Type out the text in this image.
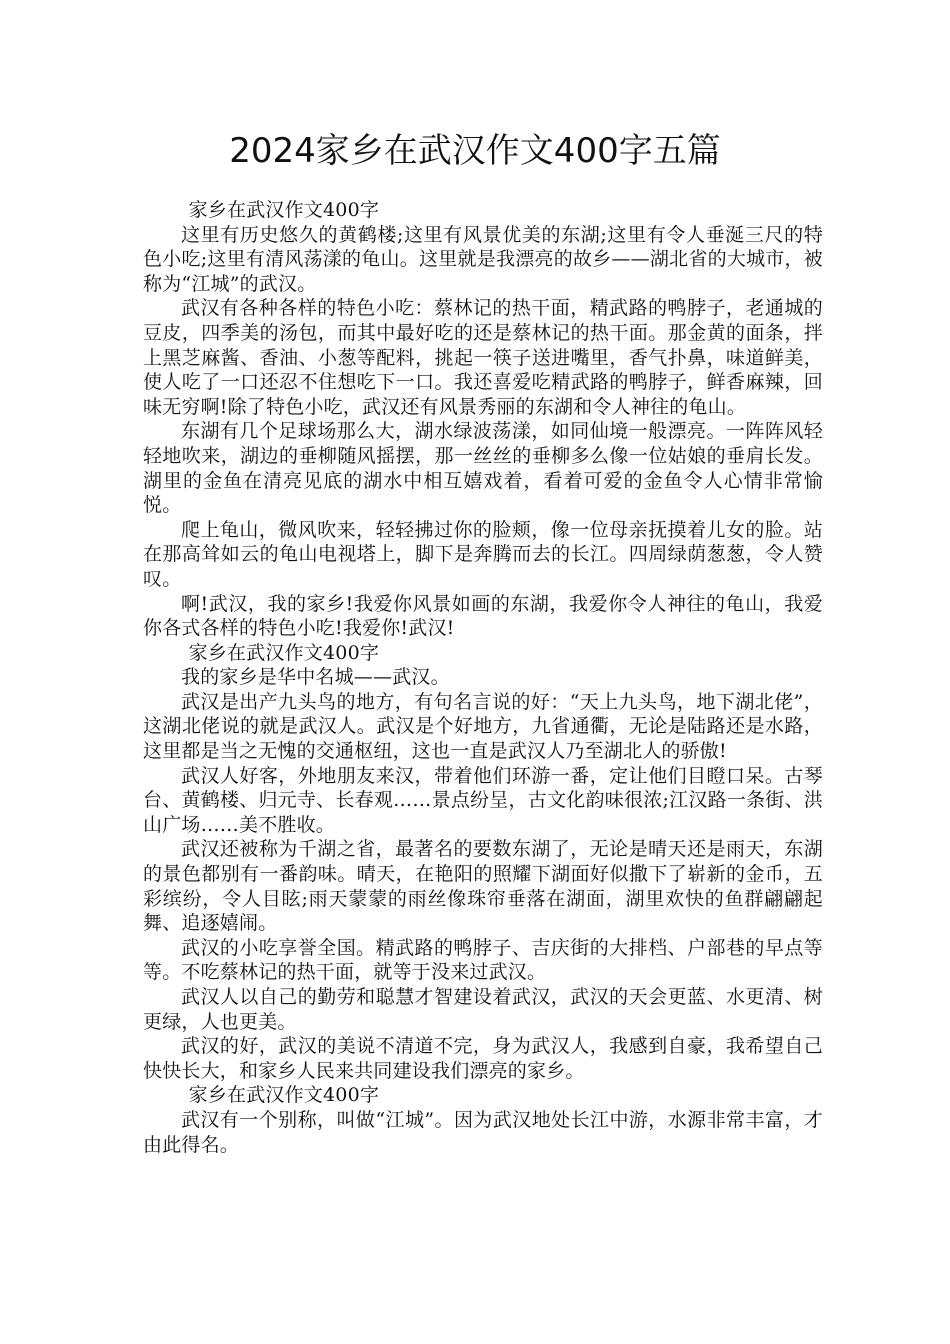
2024家乡在武汉作文400字五篇

家乡在武汉作文400字

这里有历史悠久的黄鹤楼;这里有风景优美的东湖;这里有令人垂涎三尺的特色小吃;这里有清风荡漾的龟山。这里就是我漂亮的故乡——湖北省的大城市，被称为“江城”的武汉。

武汉有各种各样的特色小吃：蔡林记的热干面，精武路的鸭脖子，老通城的豆皮，四季美的汤包，而其中最好吃的还是蔡林记的热干面。那金黄的面条，拌上黑芝麻酱、香油、小葱等配料，挑起一筷子送进嘴里，香气扑鼻，味道鲜美，使人吃了一口还忍不住想吃下一口。我还喜爱吃精武路的鸭脖子，鲜香麻辣，回味无穷啊!除了特色小吃，武汉还有风景秀丽的东湖和令人神往的龟山。

东湖有几个足球场那么大，湖水绿波荡漾，如同仙境一般漂亮。一阵阵风轻轻地吹来，湖边的垂柳随风摇摆，那一丝丝的垂柳多么像一位姑娘的垂肩长发。湖里的金鱼在清亮见底的湖水中相互嬉戏着，看着可爱的金鱼令人心情非常愉悦。

爬上龟山，微风吹来，轻轻拂过你的脸颊，像一位母亲抚摸着儿女的脸。站在那高耸如云的龟山电视塔上，脚下是奔腾而去的长江。四周绿荫葱葱，令人赞叹。

啊!武汉，我的家乡!我爱你风景如画的东湖，我爱你令人神往的龟山，我爱你各式各样的特色小吃!我爱你!武汉!

家乡在武汉作文400字

我的家乡是华中名城——武汉。

武汉是出产九头鸟的地方，有句名言说的好：“天上九头鸟，地下湖北佬”，这湖北佬说的就是武汉人。武汉是个好地方，九省通衢，无论是陆路还是水路，这里都是当之无愧的交通枢纽，这也一直是武汉人乃至湖北人的骄傲!

武汉人好客，外地朋友来汉，带着他们环游一番，定让他们目瞪口呆。古琴台、黄鹤楼、归元寺、长春观……景点纷呈，古文化韵味很浓;江汉路一条街、洪山广场……美不胜收。

武汉还被称为千湖之省，最著名的要数东湖了，无论是晴天还是雨天，东湖的景色都别有一番韵味。晴天，在艳阳的照耀下湖面好似撒下了崭新的金币，五彩缤纷，令人目眩;雨天蒙蒙的雨丝像珠帘垂落在湖面，湖里欢快的鱼群翩翩起舞、追逐嬉闹。

武汉的小吃享誉全国。精武路的鸭脖子、吉庆街的大排档、户部巷的早点等等。不吃蔡林记的热干面，就等于没来过武汉。

武汉人以自己的勤劳和聪慧才智建设着武汉，武汉的天会更蓝、水更清、树更绿，人也更美。

武汉的好，武汉的美说不清道不完，身为武汉人，我感到自豪，我希望自己快快长大，和家乡人民来共同建设我们漂亮的家乡。

家乡在武汉作文400字

武汉有一个别称，叫做“江城”。因为武汉地处长江中游，水源非常丰富，才由此得名。
